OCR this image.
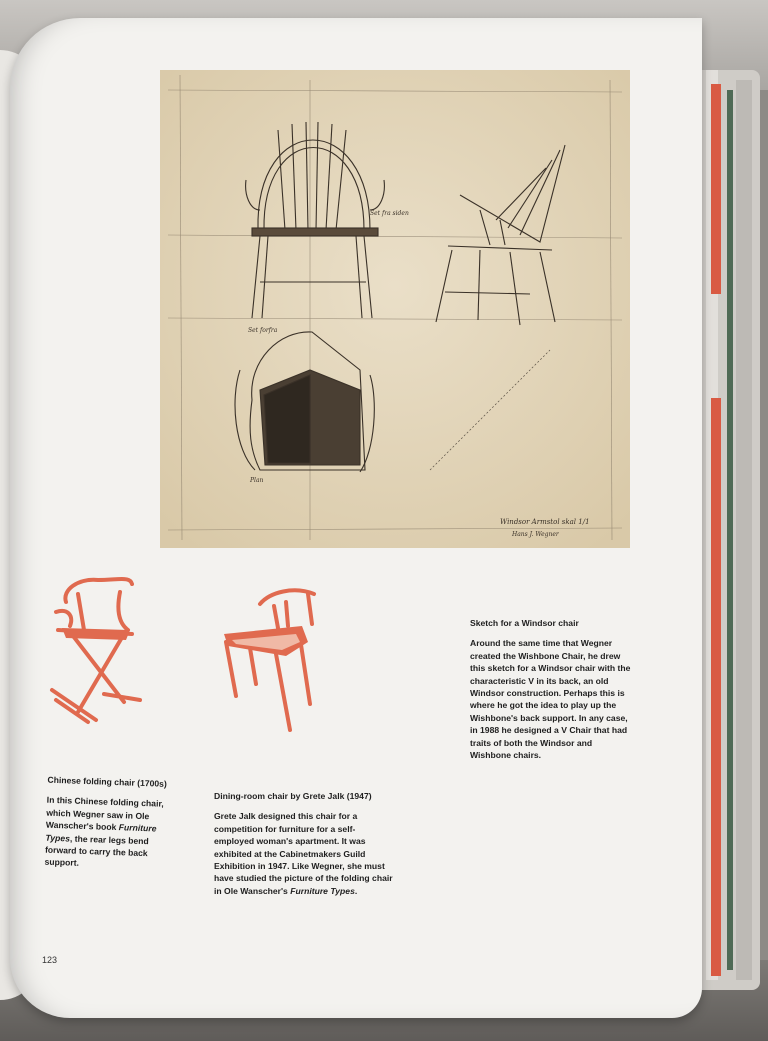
Set fra siden
Set forfra
Plan
Windsor Armstol skal 1/1
Hans J. Wegner
Sketch for a Windsor chair
Around the same time that Wegner created the Wishbone Chair, he drew this sketch for a Windsor chair with the characteristic V in its back, an old Windsor construction. Perhaps this is where he got the idea to play up the Wishbone's back support. In any case, in 1988 he designed a V Chair that had traits of both the Windsor and Wishbone chairs.
Chinese folding chair (1700s)
In this Chinese folding chair, which Wegner saw in Ole Wanscher's book Furniture Types, the rear legs bend forward to carry the back support.
Dining-room chair by Grete Jalk (1947)
Grete Jalk designed this chair for a competition for furniture for a self-employed woman's apartment. It was exhibited at the Cabinetmakers Guild Exhibition in 1947. Like Wegner, she must have studied the picture of the folding chair in Ole Wanscher's Furniture Types.
123
